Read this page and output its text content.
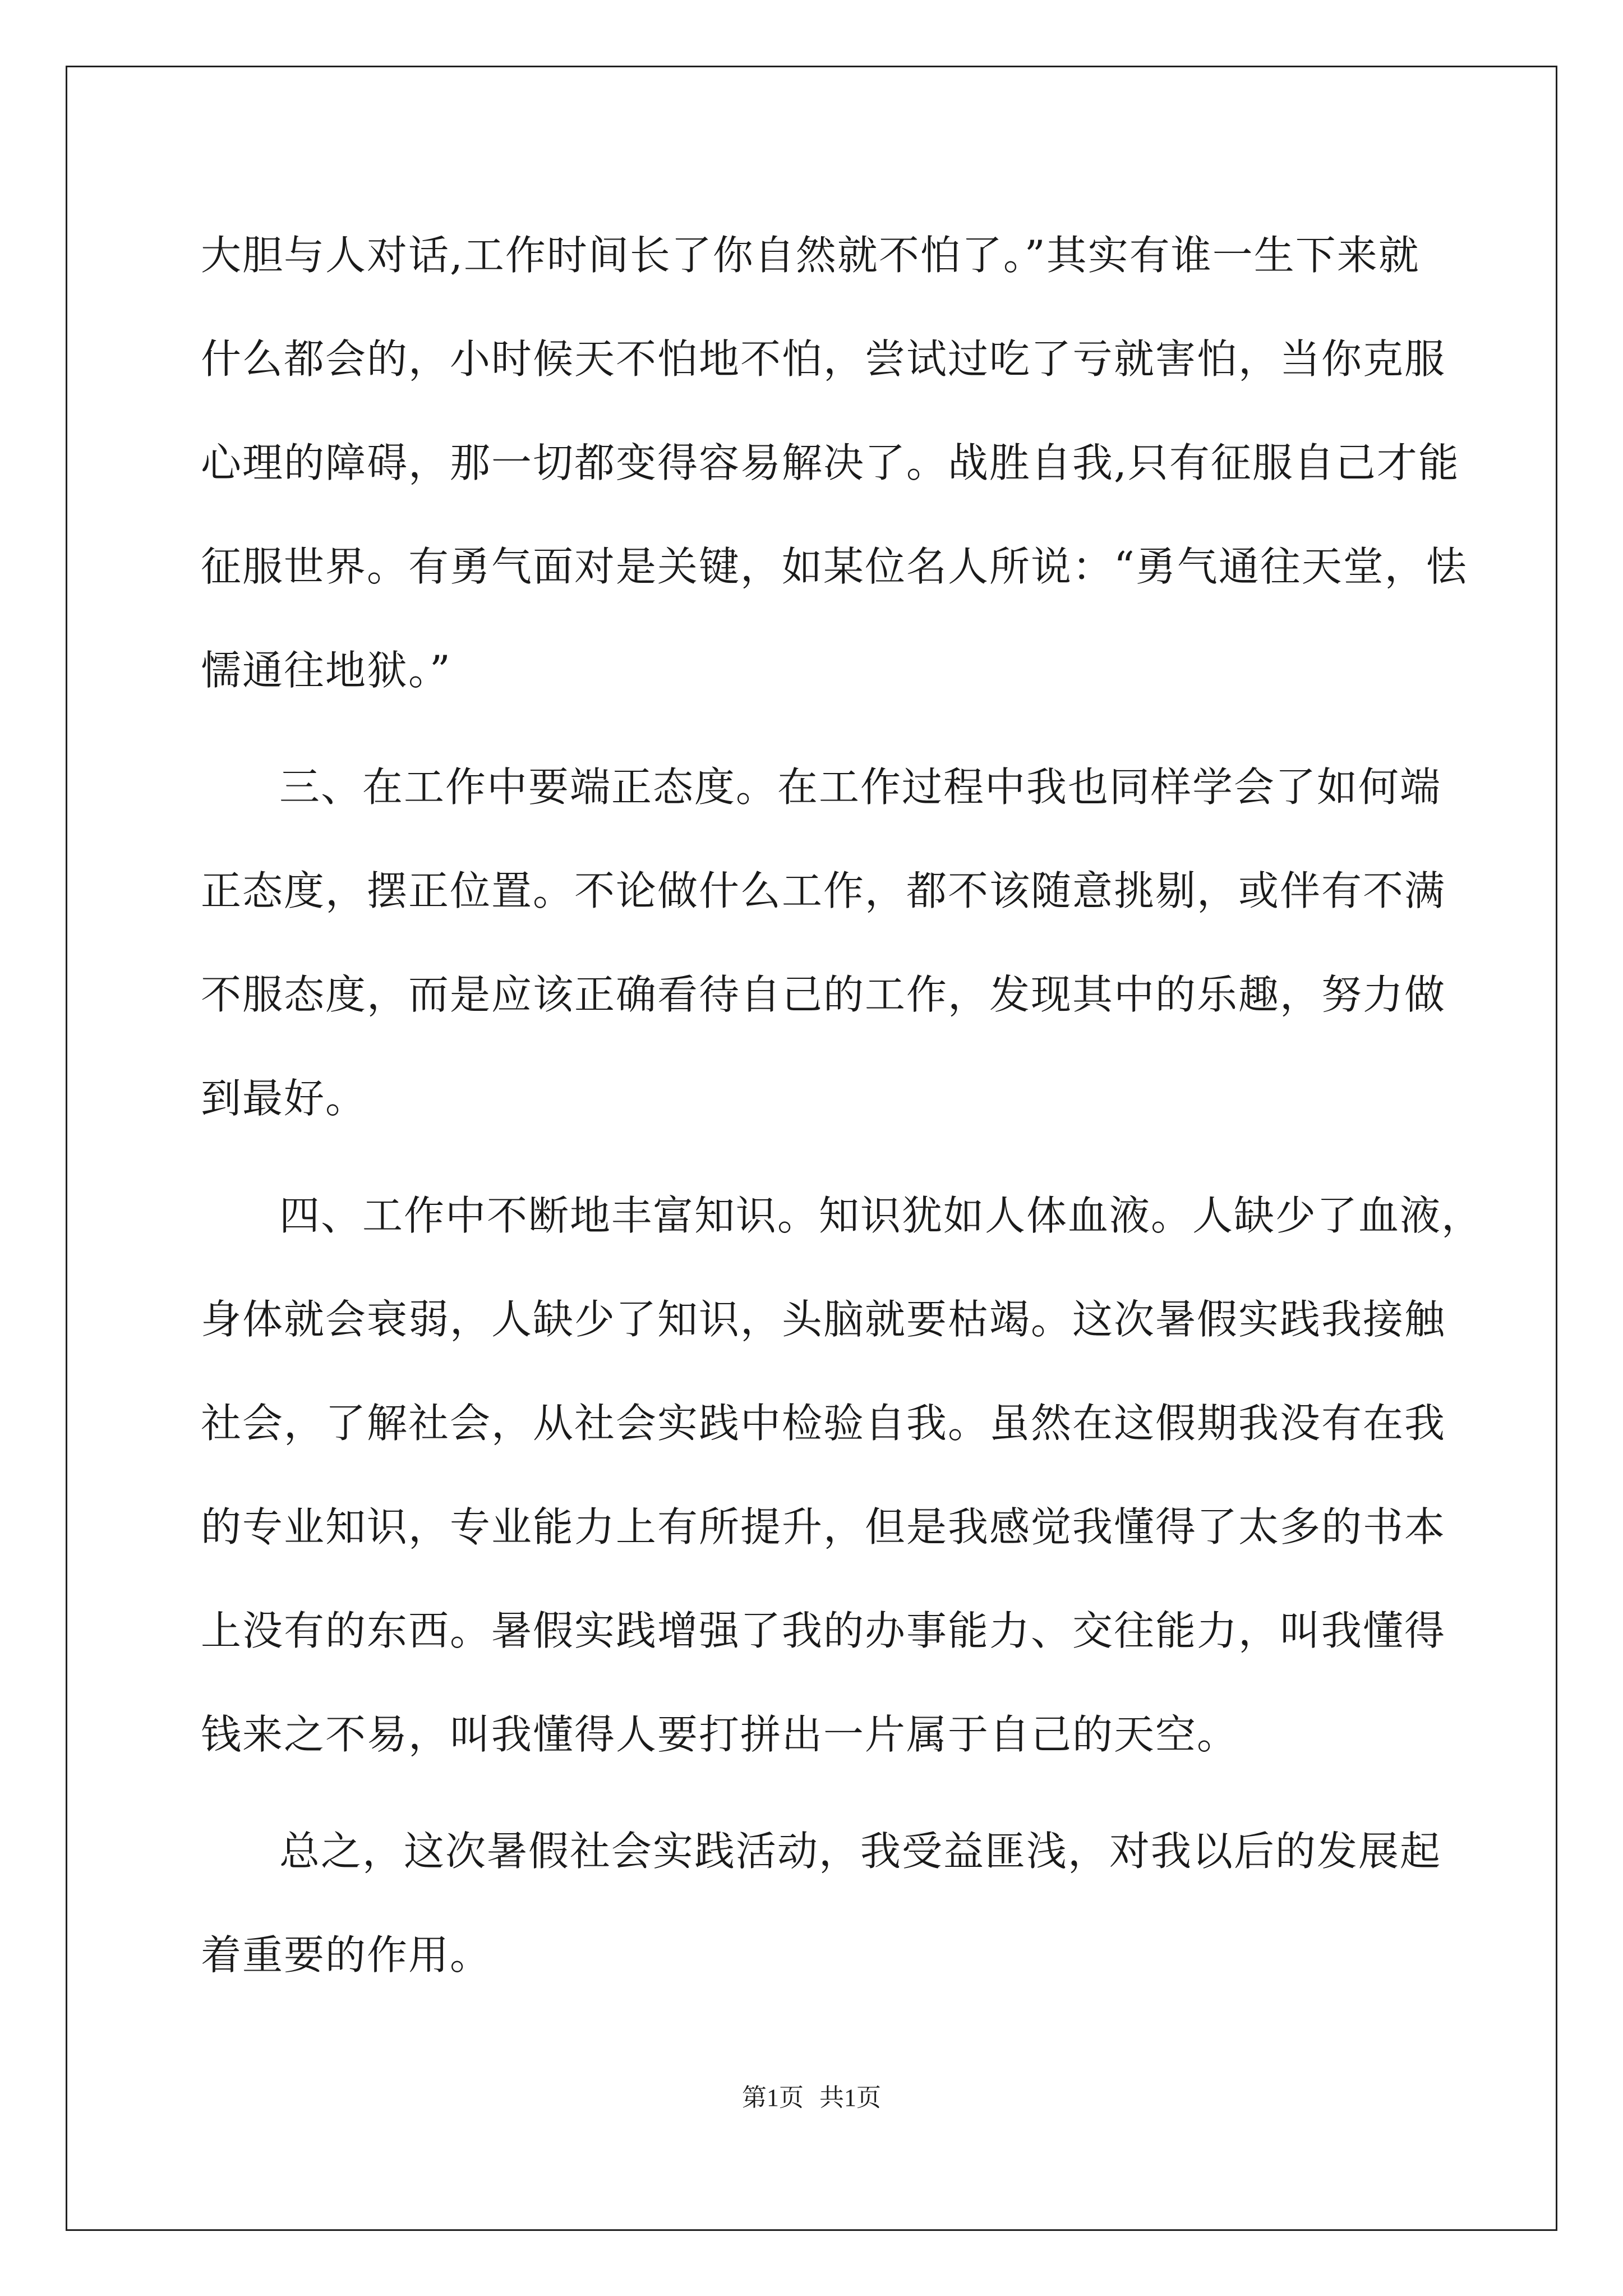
大胆与人对话,工作时间长了你自然就不怕了。”其实有谁一生下来就
什么都会的，小时候天不怕地不怕，尝试过吃了亏就害怕，当你克服
心理的障碍，那一切都变得容易解决了。战胜自我,只有征服自己才能
征服世界。有勇气面对是关键，如某位名人所说：“勇气通往天堂，怯
懦通往地狱。”
三、在工作中要端正态度。在工作过程中我也同样学会了如何端
正态度，摆正位置。不论做什么工作，都不该随意挑剔，或伴有不满
不服态度，而是应该正确看待自己的工作，发现其中的乐趣，努力做
到最好。
四、工作中不断地丰富知识。知识犹如人体血液。人缺少了血液，
身体就会衰弱，人缺少了知识，头脑就要枯竭。这次暑假实践我接触
社会，了解社会，从社会实践中检验自我。虽然在这假期我没有在我
的专业知识，专业能力上有所提升，但是我感觉我懂得了太多的书本
上没有的东西。暑假实践增强了我的办事能力、交往能力，叫我懂得
钱来之不易，叫我懂得人要打拼出一片属于自己的天空。
总之，这次暑假社会实践活动，我受益匪浅，对我以后的发展起
着重要的作用。
第1页 共1页
